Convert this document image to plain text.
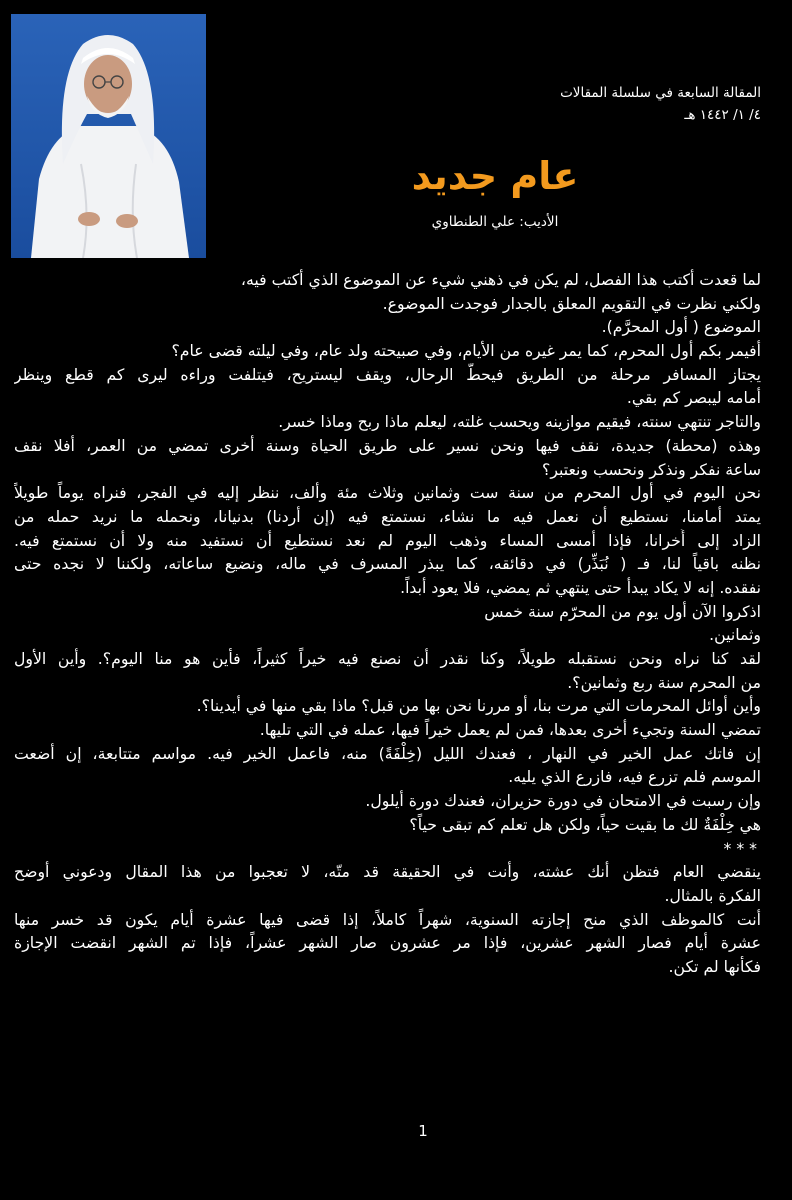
المقالة السابعة في سلسلة المقالات
٤/ ١/ ١٤٤٢ هـ
عام جديد
الأديب: علي الطنطاوي
لما قعدت أكتب هذا الفصل، لم يكن في ذهني شيء عن الموضوع الذي أكتب فيه،
ولكني نظرت في التقويم المعلق بالجدار فوجدت الموضوع.
الموضوع ( أول المحرَّم).
أفيمر بكم أول المحرم، كما يمر غيره من الأيام، وفي صبيحته ولد عام، وفي ليلته قضى عام؟
يجتاز المسافر مرحلة من الطريق فيحطّ الرحال، ويقف ليستريح، فيتلفت وراءه ليرى كم قطع وينظر
أمامه ليبصر كم بقي.
والتاجر تنتهي سنته، فيقيم موازينه ويحسب غلته، ليعلم ماذا ربح وماذا خسر.
وهذه (محطة) جديدة، نقف فيها ونحن نسير على طريق الحياة وسنة أخرى تمضي من العمر، أفلا نقف
ساعة نفكر ونذكر ونحسب ونعتبر؟
نحن اليوم في أول المحرم من سنة ست وثمانين وثلاث مئة وألف، ننظر إليه في الفجر، فنراه يوماً طويلاً
يمتد أمامنا، نستطيع أن نعمل فيه ما نشاء، نستمتع فيه (إن أردنا) بدنيانا، ونحمله ما نريد حمله من
الزاد إلى أُخرانا، فإذا أمسى المساء وذهب اليوم لم نعد نستطيع أن نستفيد منه ولا أن نستمتع فيه.
نظنه باقياً لنا، فـ ( نُبَذِّر) في دقائقه، كما يبذر المسرف في ماله، ونضيع ساعاته، ولكننا لا نجده حتى
نفقده. إنه لا يكاد يبدأ حتى ينتهي ثم يمضي، فلا يعود أبداً.
اذكروا الآن أول يوم من المحرّم سنة خمس
وثمانين.
لقد كنا نراه ونحن نستقبله طويلاً، وكنا نقدر أن نصنع فيه خيراً كثيراً، فأين هو منا اليوم؟. وأين الأول
من المحرم سنة ربع وثمانين؟.
وأين أوائل المحرمات التي مرت بنا، أو مررنا نحن بها من قبل؟ ماذا بقي منها في أيدينا؟.
تمضي السنة وتجيء أخرى بعدها، فمن لم يعمل خيراً فيها، عمله في التي تليها.
إن فاتك عمل الخير في النهار ، فعندك الليل (خِلْفَةً) منه، فاعمل الخير فيه. مواسم متتابعة، إن أضعت
الموسم فلم تزرع فيه، فازرع الذي يليه.
وإن رسبت في الامتحان في دورة حزيران، فعندك دورة أيلول.
هي خِلْفَةٌ لك ما بقيت حياً، ولكن هل تعلم كم تبقى حياً؟
* * *
ينقضي العام فتظن أنك عشته، وأنت في الحقيقة قد متّه، لا تعجبوا من هذا المقال ودعوني أوضح
الفكرة بالمثال.
أنت كالموظف الذي منح إجازته السنوية، شهراً كاملاً، إذا قضى فيها عشرة أيام يكون قد خسر منها
عشرة أيام فصار الشهر عشرين، فإذا مر عشرون صار الشهر عشراً، فإذا تم الشهر انقضت الإجازة
فكأنها لم تكن.
1
